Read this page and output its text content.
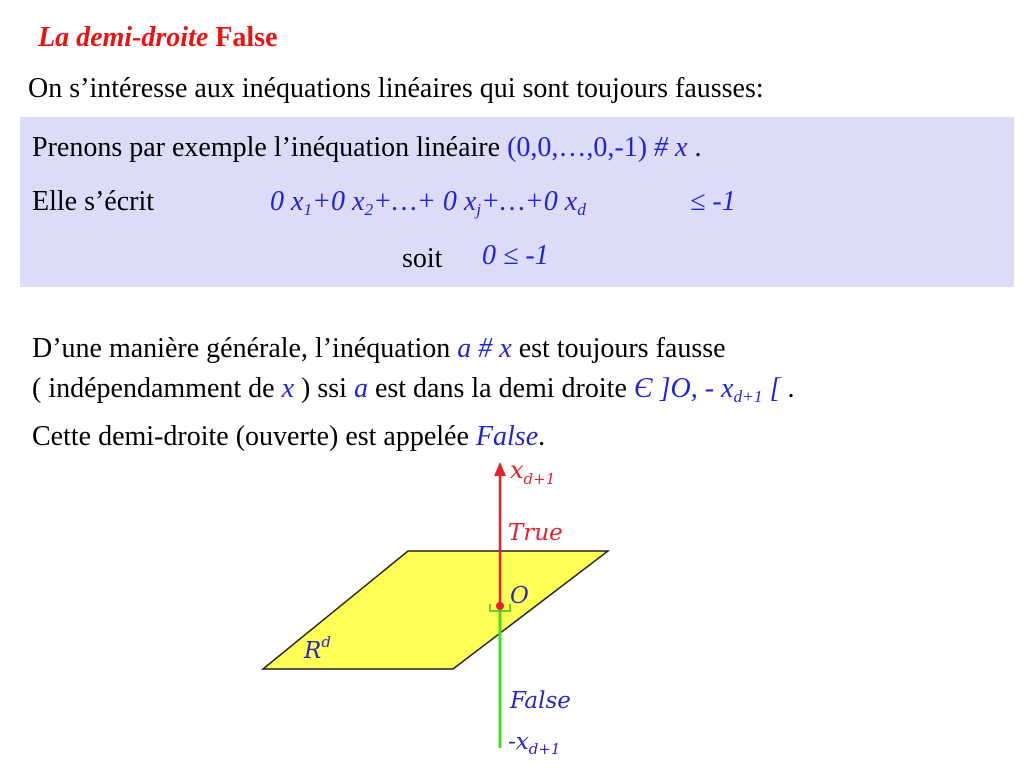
La demi-droite False
On s’intéresse aux inéquations linéaires qui sont toujours fausses:
Prenons par exemple l’inéquation linéaire (0,0,…,0,-1) # x .
Elle s’écrit	0 $x_1+0$ $x_2+\dots+ 0$ $x_j+\dots+0$ $x_d$	≤ -1
soit 0 ≤ -1
D’une manière générale, l’inéquation a # x est toujours fausse
( indépendamment de x ) ssi a est dans la demi droite Є ]O, - $x_{d+1}$ [ .
Cette demi-droite (ouverte) est appelée False.
$x_{d+1}$
True
O
$R^d$
False
$-x_{d+1}$
